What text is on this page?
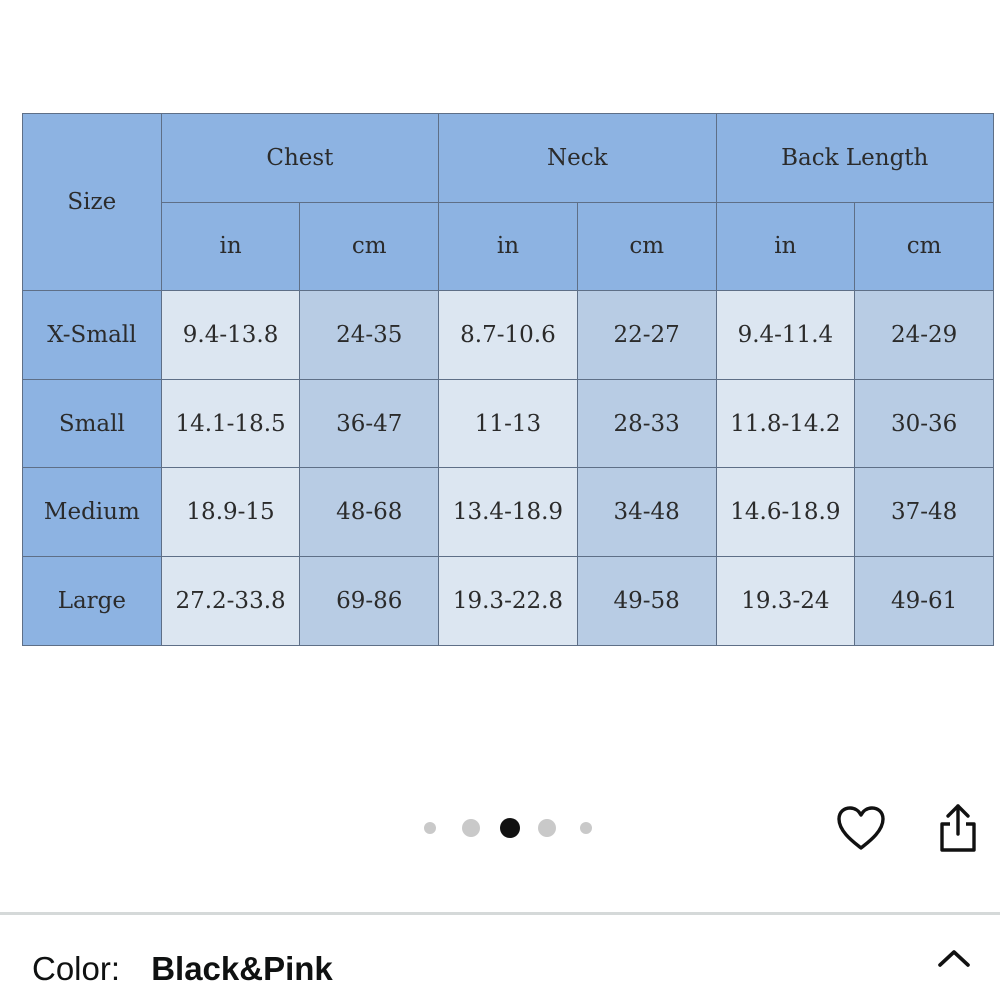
Size	Chest		Neck		Back Length	
	in	cm	in	cm	in	cm
X-Small	9.4-13.8	24-35	8.7-10.6	22-27	9.4-11.4	24-29
Small	14.1-18.5	36-47	11-13	28-33	11.8-14.2	30-36
Medium	18.9-15	48-68	13.4-18.9	34-48	14.6-18.9	37-48
Large	27.2-33.8	69-86	19.3-22.8	49-58	19.3-24	49-61
Color: Black&Pink
